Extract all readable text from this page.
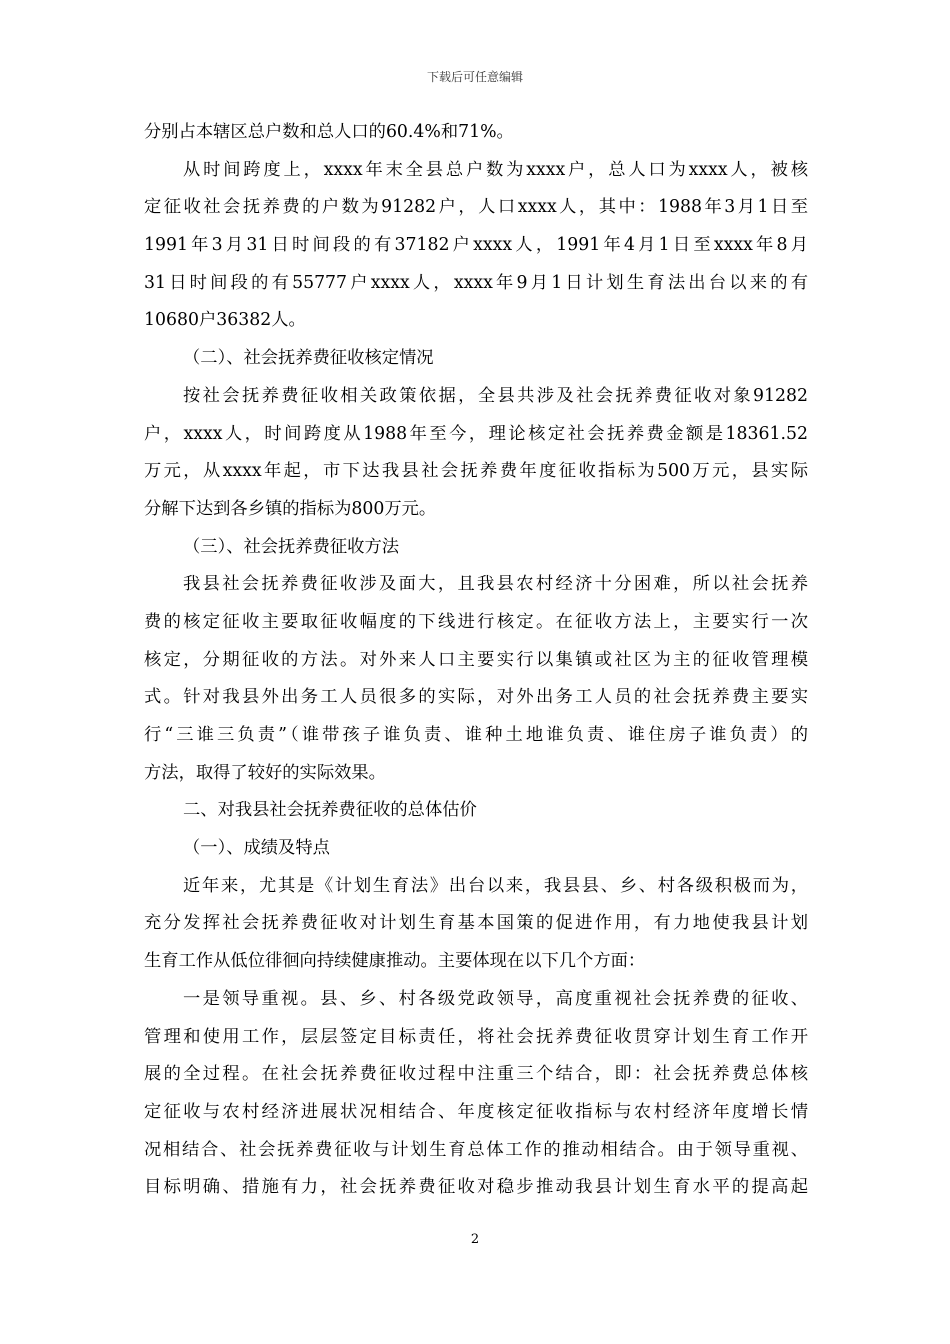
下载后可任意编辑
分别占本辖区总户数和总人口的60.4%和71%。
从时间跨度上，xxxx年末全县总户数为xxxx户，总人口为xxxx人，被核
定征收社会抚养费的户数为91282户，人口xxxx人，其中：1988年3月1日至
1991年3月31日时间段的有37182户xxxx人，1991年4月1日至xxxx年8月
31日时间段的有55777户xxxx人，xxxx年9月1日计划生育法出台以来的有
10680户36382人。
（二）、社会抚养费征收核定情况
按社会抚养费征收相关政策依据，全县共涉及社会抚养费征收对象91282
户，xxxx人，时间跨度从1988年至今，理论核定社会抚养费金额是18361.52
万元，从xxxx年起，市下达我县社会抚养费年度征收指标为500万元，县实际
分解下达到各乡镇的指标为800万元。
（三）、社会抚养费征收方法
我县社会抚养费征收涉及面大，且我县农村经济十分困难，所以社会抚养
费的核定征收主要取征收幅度的下线进行核定。在征收方法上，主要实行一次
核定，分期征收的方法。对外来人口主要实行以集镇或社区为主的征收管理模
式。针对我县外出务工人员很多的实际，对外出务工人员的社会抚养费主要实
行“三谁三负责”（谁带孩子谁负责、谁种土地谁负责、谁住房子谁负责）的
方法，取得了较好的实际效果。
二、对我县社会抚养费征收的总体估价
（一）、成绩及特点
近年来，尤其是《计划生育法》出台以来，我县县、乡、村各级积极而为，
充分发挥社会抚养费征收对计划生育基本国策的促进作用，有力地使我县计划
生育工作从低位徘徊向持续健康推动。主要体现在以下几个方面：
一是领导重视。县、乡、村各级党政领导，高度重视社会抚养费的征收、
管理和使用工作，层层签定目标责任，将社会抚养费征收贯穿计划生育工作开
展的全过程。在社会抚养费征收过程中注重三个结合，即：社会抚养费总体核
定征收与农村经济进展状况相结合、年度核定征收指标与农村经济年度增长情
况相结合、社会抚养费征收与计划生育总体工作的推动相结合。由于领导重视、
目标明确、措施有力，社会抚养费征收对稳步推动我县计划生育水平的提高起
2
